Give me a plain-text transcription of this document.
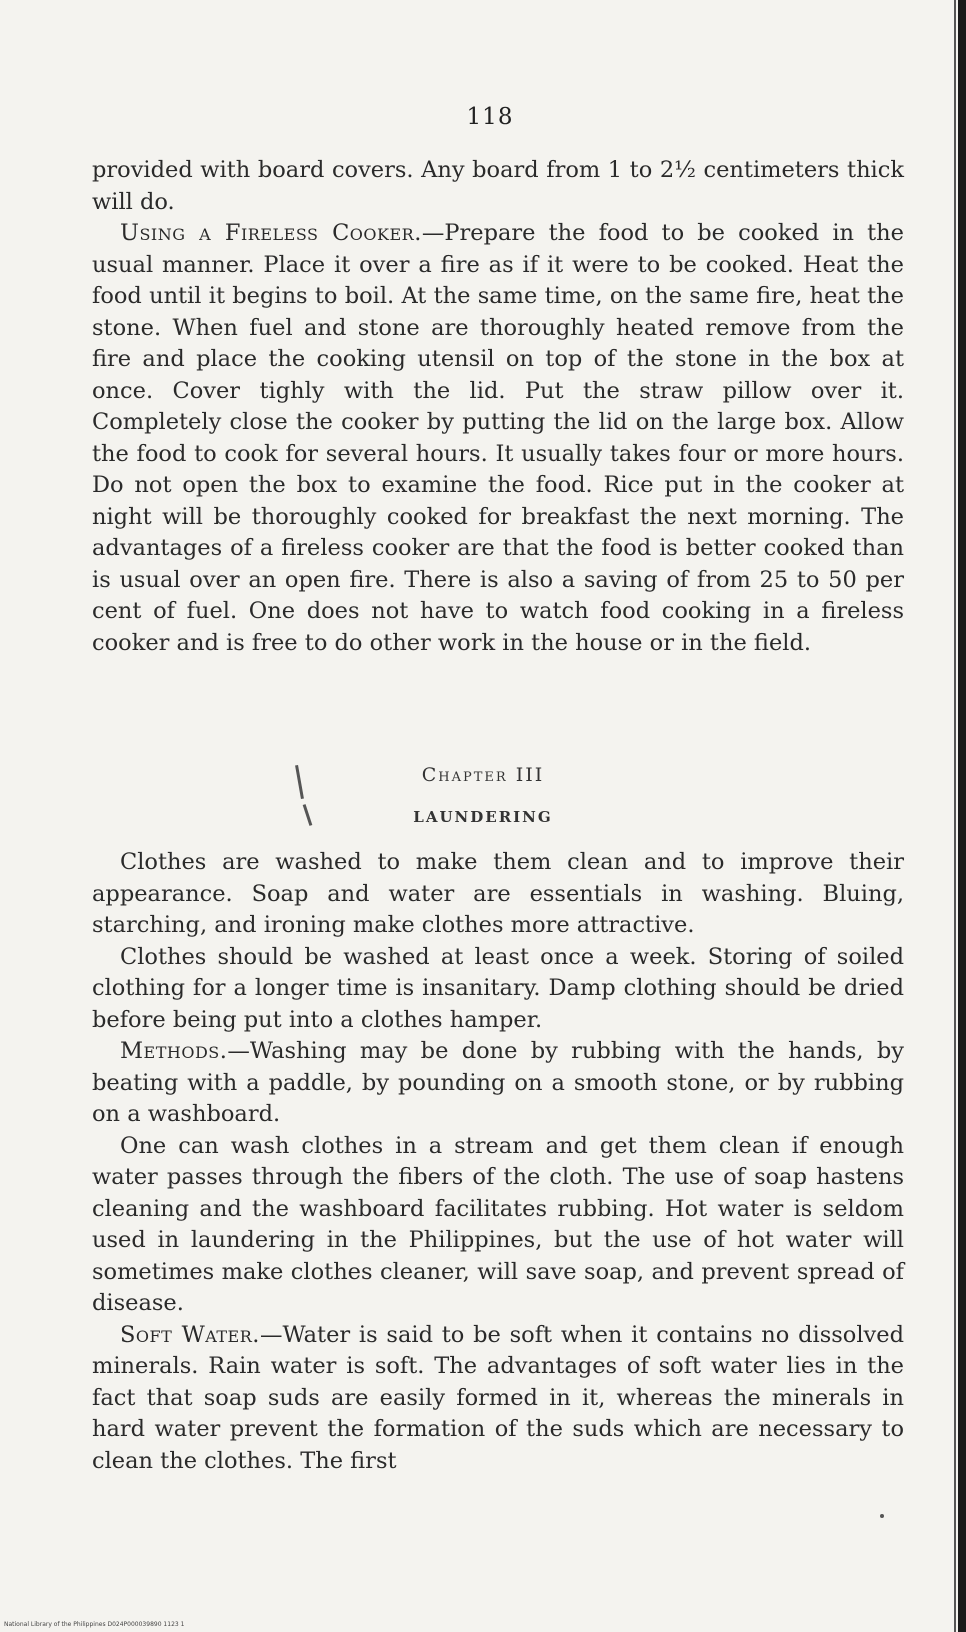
118

provided with board covers. Any board from 1 to 2½ centimeters thick will do.

Using a Fireless Cooker.—Prepare the food to be cooked in the usual manner. Place it over a fire as if it were to be cooked. Heat the food until it begins to boil. At the same time, on the same fire, heat the stone. When fuel and stone are thoroughly heated remove from the fire and place the cooking utensil on top of the stone in the box at once. Cover tighly with the lid. Put the straw pillow over it. Completely close the cooker by putting the lid on the large box. Allow the food to cook for several hours. It usually takes four or more hours. Do not open the box to examine the food. Rice put in the cooker at night will be thoroughly cooked for breakfast the next morning. The advantages of a fireless cooker are that the food is better cooked than is usual over an open fire. There is also a saving of from 25 to 50 per cent of fuel. One does not have to watch food cooking in a fireless cooker and is free to do other work in the house or in the field.

Chapter III
LAUNDERING

Clothes are washed to make them clean and to improve their appearance. Soap and water are essentials in washing. Bluing, starching, and ironing make clothes more attractive.

Clothes should be washed at least once a week. Storing of soiled clothing for a longer time is insanitary. Damp clothing should be dried before being put into a clothes hamper.

Methods.—Washing may be done by rubbing with the hands, by beating with a paddle, by pounding on a smooth stone, or by rubbing on a washboard.

One can wash clothes in a stream and get them clean if enough water passes through the fibers of the cloth. The use of soap hastens cleaning and the washboard facilitates rubbing. Hot water is seldom used in laundering in the Philippines, but the use of hot water will sometimes make clothes cleaner, will save soap, and prevent spread of disease.

Soft Water.—Water is said to be soft when it contains no dissolved minerals. Rain water is soft. The advantages of soft water lies in the fact that soap suds are easily formed in it, whereas the minerals in hard water prevent the formation of the suds which are necessary to clean the clothes. The first

National Library of the Philippines D024P000039890 1123 1
